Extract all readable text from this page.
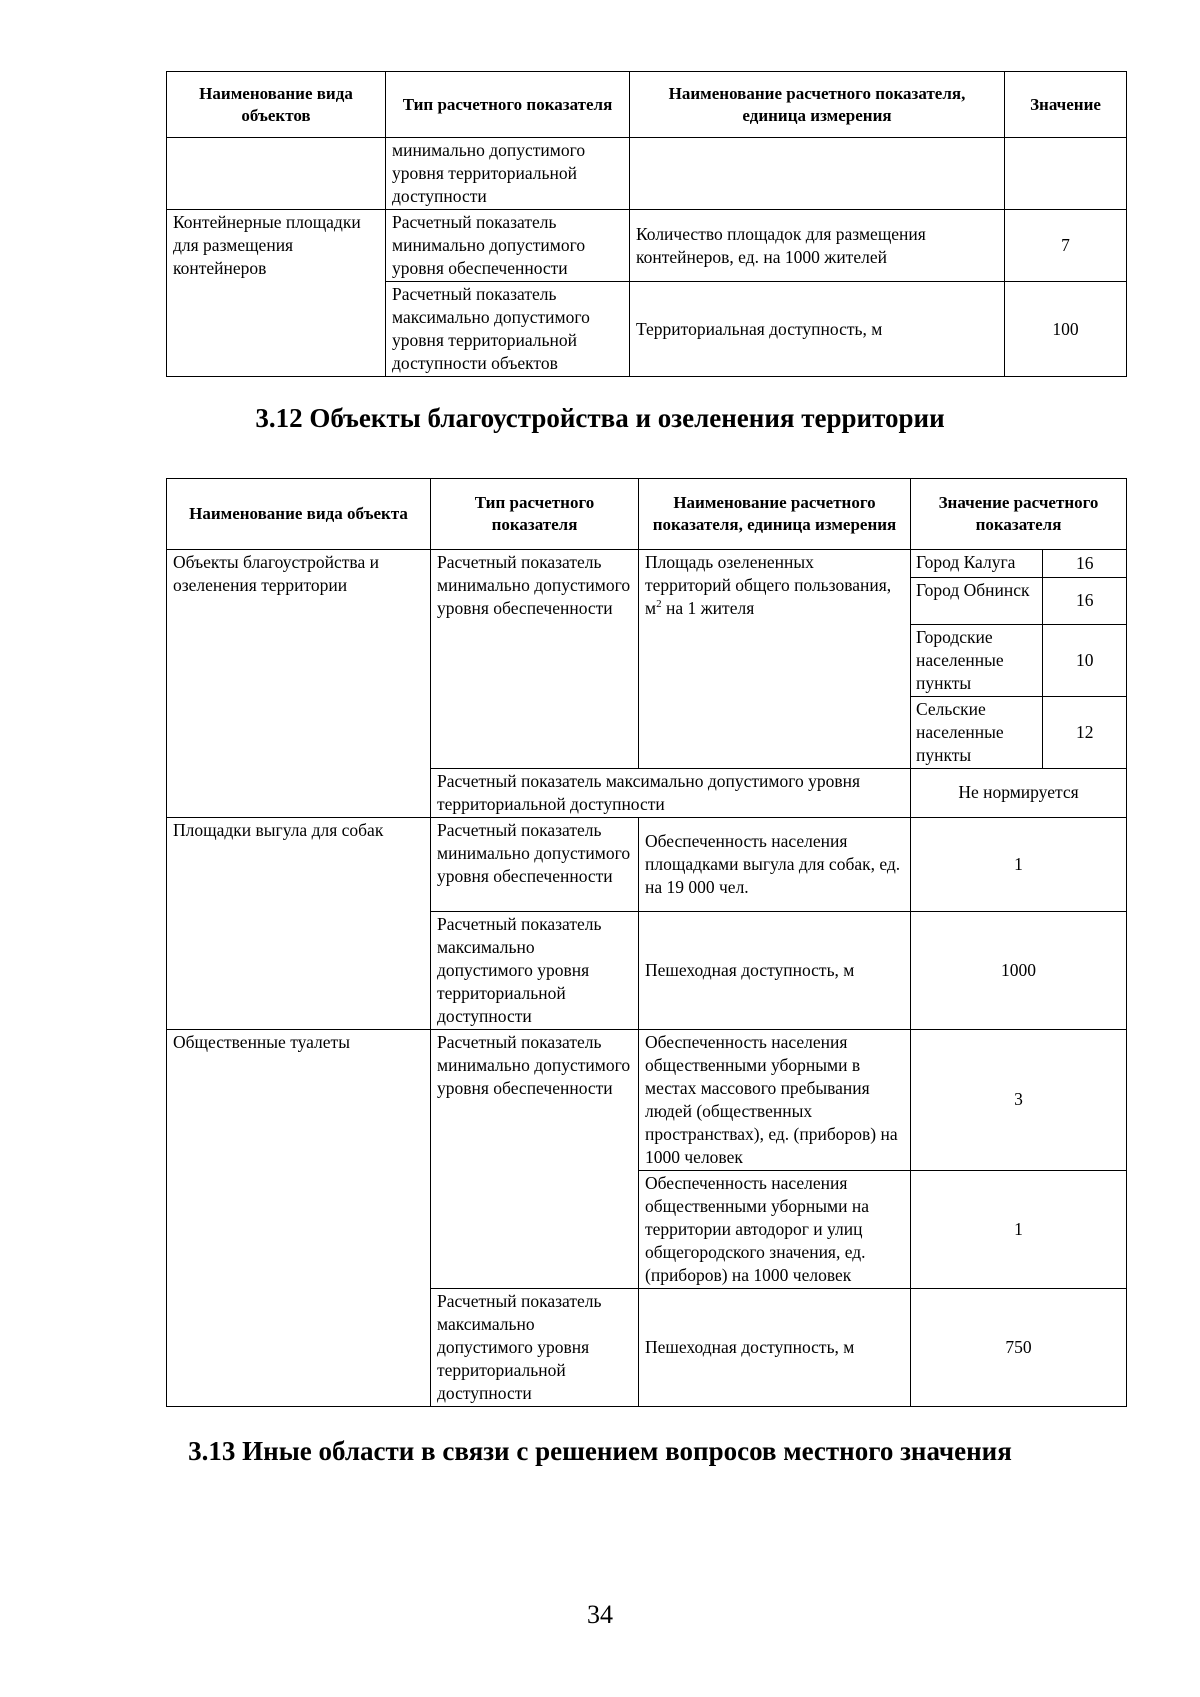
Наименование вида объектов	Тип расчетного показателя	Наименование расчетного показателя, единица измерения	Значение
	минимально допустимого уровня территориальной доступности		
Контейнерные площадки для размещения контейнеров	Расчетный показатель минимально допустимого уровня обеспеченности	Количество площадок для размещения контейнеров, ед. на 1000 жителей	7
	Расчетный показатель максимально допустимого уровня территориальной доступности объектов	Территориальная доступность, м	100
3.12 Объекты благоустройства и озеленения территории
Наименование вида объекта	Тип расчетного показателя	Наименование расчетного показателя, единица измерения	Значение расчетного показателя
Объекты благоустройства и озеленения территории	Расчетный показатель минимально допустимого уровня обеспеченности	Площадь озелененных территорий общего пользования, $м^2$ на 1 жителя	
Город Калуга	16
Город Обнинск	16
Городские населенные пункты	10
Сельские населенные пункты	12

Расчетный показатель максимально допустимого уровня территориальной доступности	Не нормируется
Площадки выгула для собак	Расчетный показатель минимально допустимого уровня обеспеченности	Обеспеченность населения площадками выгула для собак, ед. на 19 000 чел.	1
Расчетный показатель максимально допустимого уровня территориальной доступности	Пешеходная доступность, м	1000
Общественные туалеты	Расчетный показатель минимально допустимого уровня обеспеченности	Обеспеченность населения общественными уборными в местах массового пребывания людей (общественных пространствах), ед. (приборов) на 1000 человек	3
Обеспеченность населения общественными уборными на территории автодорог и улиц общегородского значения, ед. (приборов) на 1000 человек	1
Расчетный показатель максимально допустимого уровня территориальной доступности	Пешеходная доступность, м	750
3.13 Иные области в связи с решением вопросов местного значения
34
